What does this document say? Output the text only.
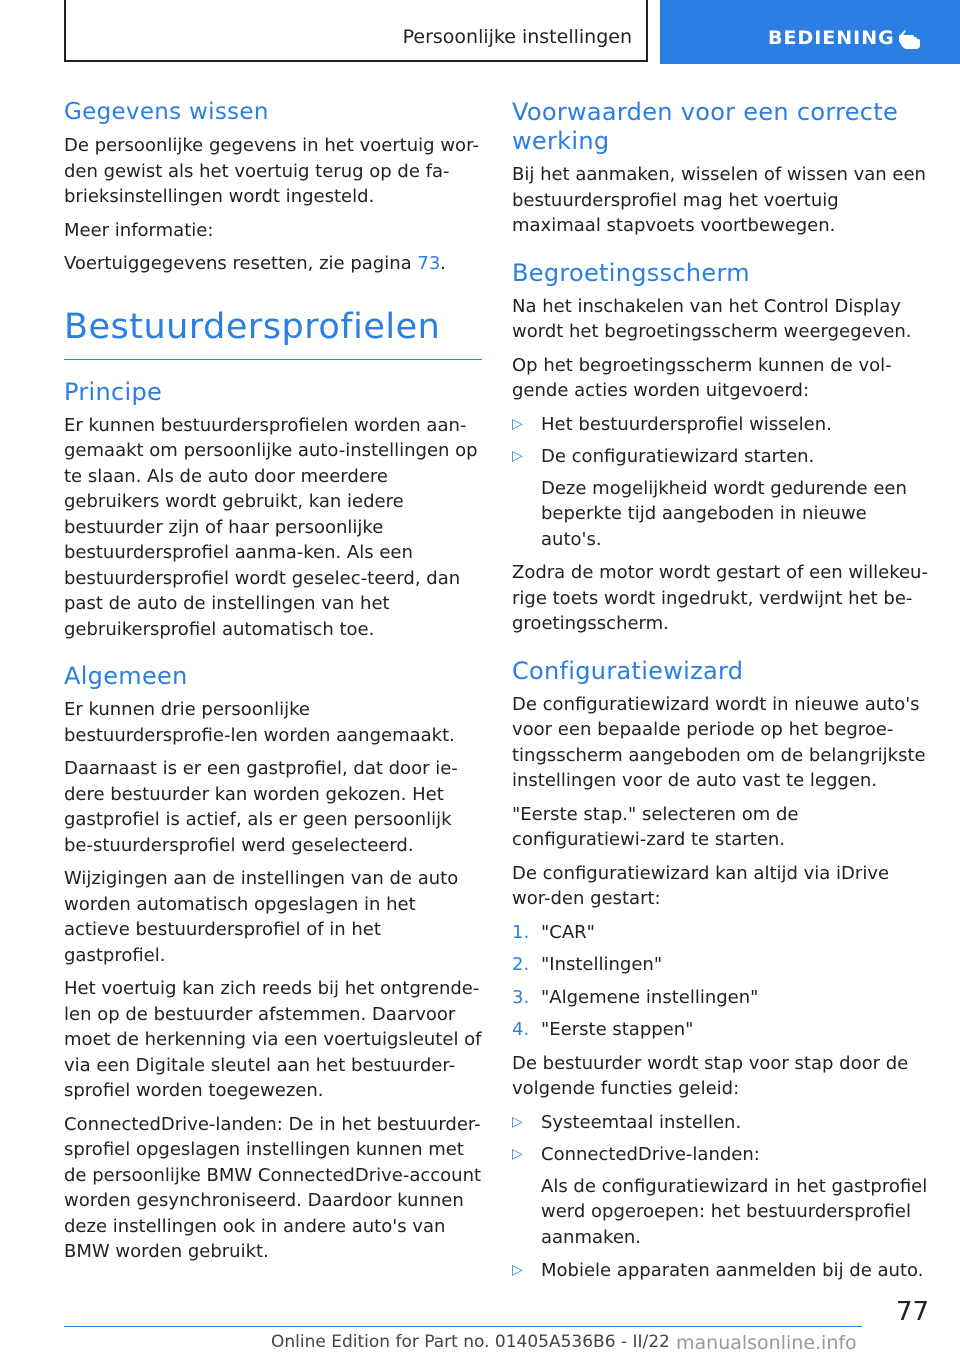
Persoonlijke instellingen	BEDIENING
Gegevens wissen

De persoonlijke gegevens in het voertuig wor-den gewist als het voertuig terug op de fa-brieksinstellingen wordt ingesteld.

Meer informatie:

Voertuiggegevens resetten, zie pagina 73.

Bestuurdersprofielen
Principe

Er kunnen bestuurdersprofielen worden aan-gemaakt om persoonlijke auto-instellingen op te slaan. Als de auto door meerdere gebruikers wordt gebruikt, kan iedere bestuurder zijn of haar persoonlijke bestuurdersprofiel aanma-ken. Als een bestuurdersprofiel wordt geselec-teerd, dan past de auto de instellingen van het gebruikersprofiel automatisch toe.

Algemeen

Er kunnen drie persoonlijke bestuurdersprofie-len worden aangemaakt.

Daarnaast is er een gastprofiel, dat door ie-dere bestuurder kan worden gekozen. Het gastprofiel is actief, als er geen persoonlijk be-stuurdersprofiel werd geselecteerd.

Wijzigingen aan de instellingen van de auto worden automatisch opgeslagen in het actieve bestuurdersprofiel of in het gastprofiel.

Het voertuig kan zich reeds bij het ontgrende-len op de bestuurder afstemmen. Daarvoor moet de herkenning via een voertuigsleutel of via een Digitale sleutel aan het bestuurder-sprofiel worden toegewezen.

ConnectedDrive-landen: De in het bestuurder-sprofiel opgeslagen instellingen kunnen met de persoonlijke BMW ConnectedDrive-account worden gesynchroniseerd. Daardoor kunnen deze instellingen ook in andere auto's van BMW worden gebruikt.

Voorwaarden voor een correcte werking

Bij het aanmaken, wisselen of wissen van een bestuurdersprofiel mag het voertuig maximaal stapvoets voortbewegen.

Begroetingsscherm

Na het inschakelen van het Control Display wordt het begroetingsscherm weergegeven.

Op het begroetingsscherm kunnen de vol-gende acties worden uitgevoerd:

▷ Het bestuurdersprofiel wisselen.
▷ De configuratiewizard starten.

Deze mogelijkheid wordt gedurende een beperkte tijd aangeboden in nieuwe auto's.

Zodra de motor wordt gestart of een willekeu-rige toets wordt ingedrukt, verdwijnt het be-groetingsscherm.

Configuratiewizard

De configuratiewizard wordt in nieuwe auto's voor een bepaalde periode op het begroe-tingsscherm aangeboden om de belangrijkste instellingen voor de auto vast te leggen.

"Eerste stap." selecteren om de configuratiewi-zard te starten.

De configuratiewizard kan altijd via iDrive wor-den gestart:

1. "CAR"
2. "Instellingen"
3. "Algemene instellingen"
4. "Eerste stappen"

De bestuurder wordt stap voor stap door de volgende functies geleid:

▷ Systeemtaal instellen.
▷ ConnectedDrive-landen:

Als de configuratiewizard in het gastprofiel werd opgeroepen: het bestuurdersprofiel aanmaken.

▷ Mobiele apparaten aanmelden bij de auto.
77
Online Edition for Part no. 01405A536B6 - II/22 manualsonline.info
